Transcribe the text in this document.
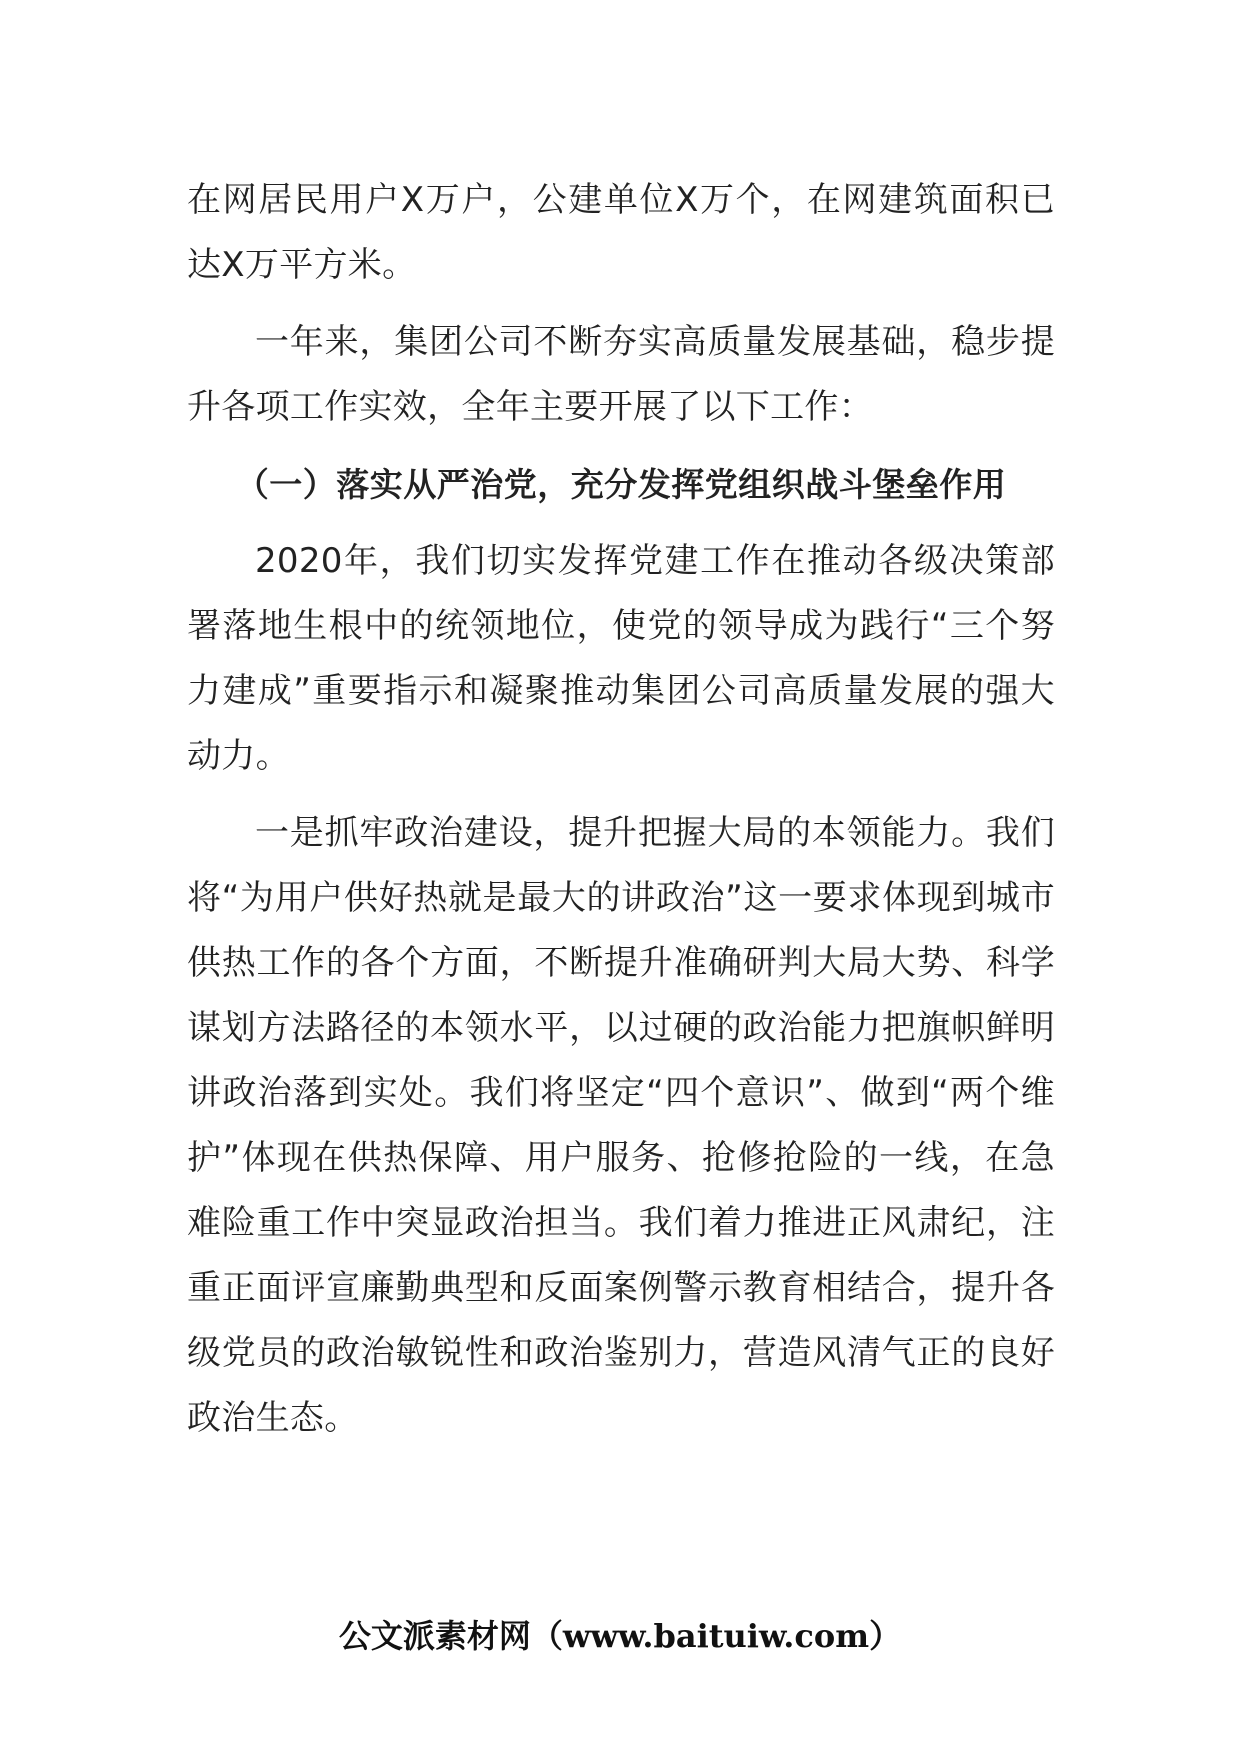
在网居民用户X万户，公建单位X万个，在网建筑面积已达X万平方米。

一年来，集团公司不断夯实高质量发展基础，稳步提升各项工作实效，全年主要开展了以下工作：

（一）落实从严治党，充分发挥党组织战斗堡垒作用

2020年，我们切实发挥党建工作在推动各级决策部署落地生根中的统领地位，使党的领导成为践行“三个努力建成”重要指示和凝聚推动集团公司高质量发展的强大动力。

一是抓牢政治建设，提升把握大局的本领能力。我们将“为用户供好热就是最大的讲政治”这一要求体现到城市供热工作的各个方面，不断提升准确研判大局大势、科学谋划方法路径的本领水平，以过硬的政治能力把旗帜鲜明讲政治落到实处。我们将坚定“四个意识”、做到“两个维护”体现在供热保障、用户服务、抢修抢险的一线，在急难险重工作中突显政治担当。我们着力推进正风肃纪，注重正面评宣廉勤典型和反面案例警示教育相结合，提升各级党员的政治敏锐性和政治鉴别力，营造风清气正的良好政治生态。

公文派素材网（www.baituiw.com）
